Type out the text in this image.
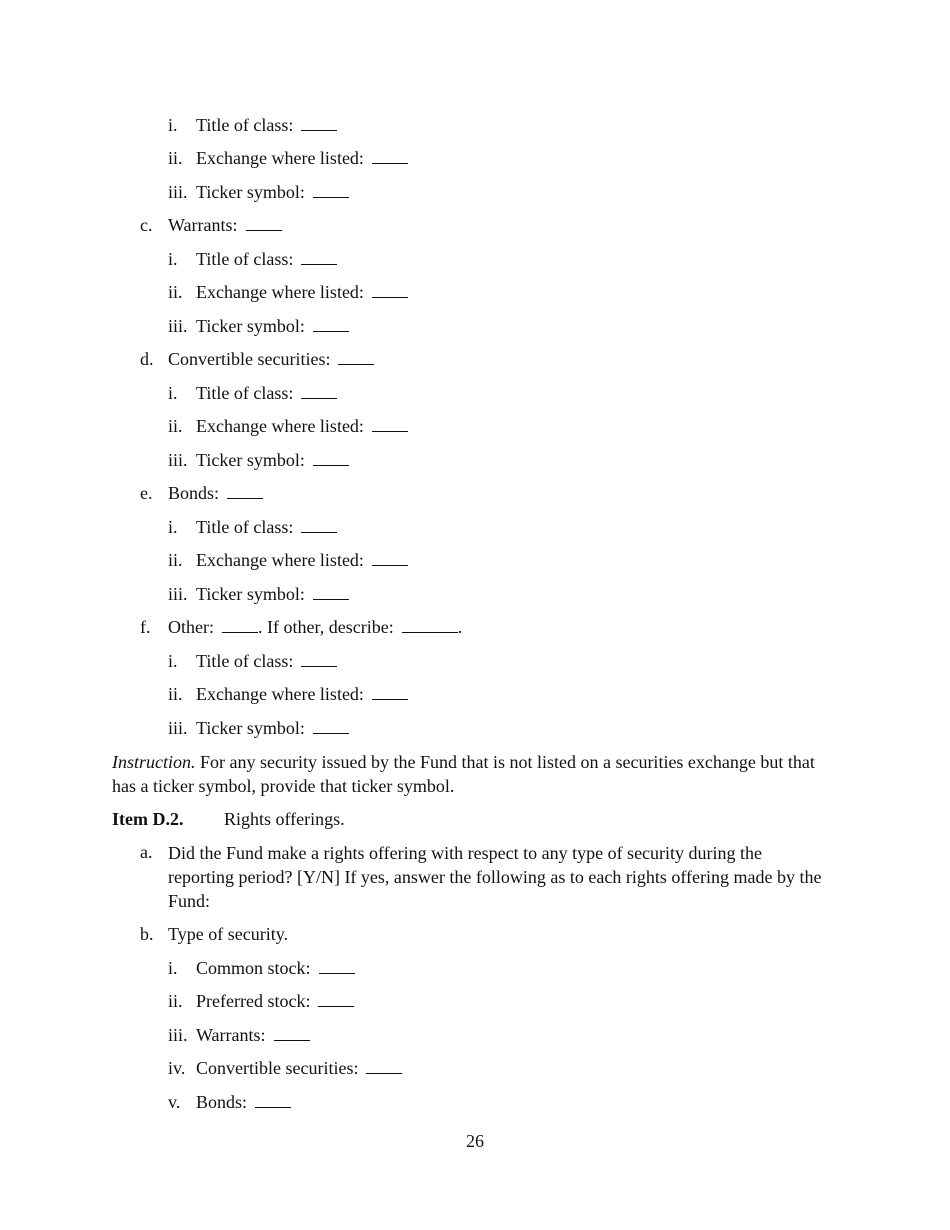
i. Title of class:
ii. Exchange where listed:
iii. Ticker symbol:
c. Warrants:
i. Title of class:
ii. Exchange where listed:
iii. Ticker symbol:
d. Convertible securities:
i. Title of class:
ii. Exchange where listed:
iii. Ticker symbol:
e. Bonds:
i. Title of class:
ii. Exchange where listed:
iii. Ticker symbol:
f. Other: . If other, describe:	.
i. Title of class:
ii. Exchange where listed:
iii. Ticker symbol:
Instruction. For any security issued by the Fund that is not listed on a securities exchange but that has a ticker symbol, provide that ticker symbol.
Item D.2. Rights offerings.
a. Did the Fund make a rights offering with respect to any type of security during the reporting period? [Y/N] If yes, answer the following as to each rights offering made by the Fund:
b. Type of security.
i. Common stock:
ii. Preferred stock:
iii. Warrants:
iv. Convertible securities:
v. Bonds:
26
